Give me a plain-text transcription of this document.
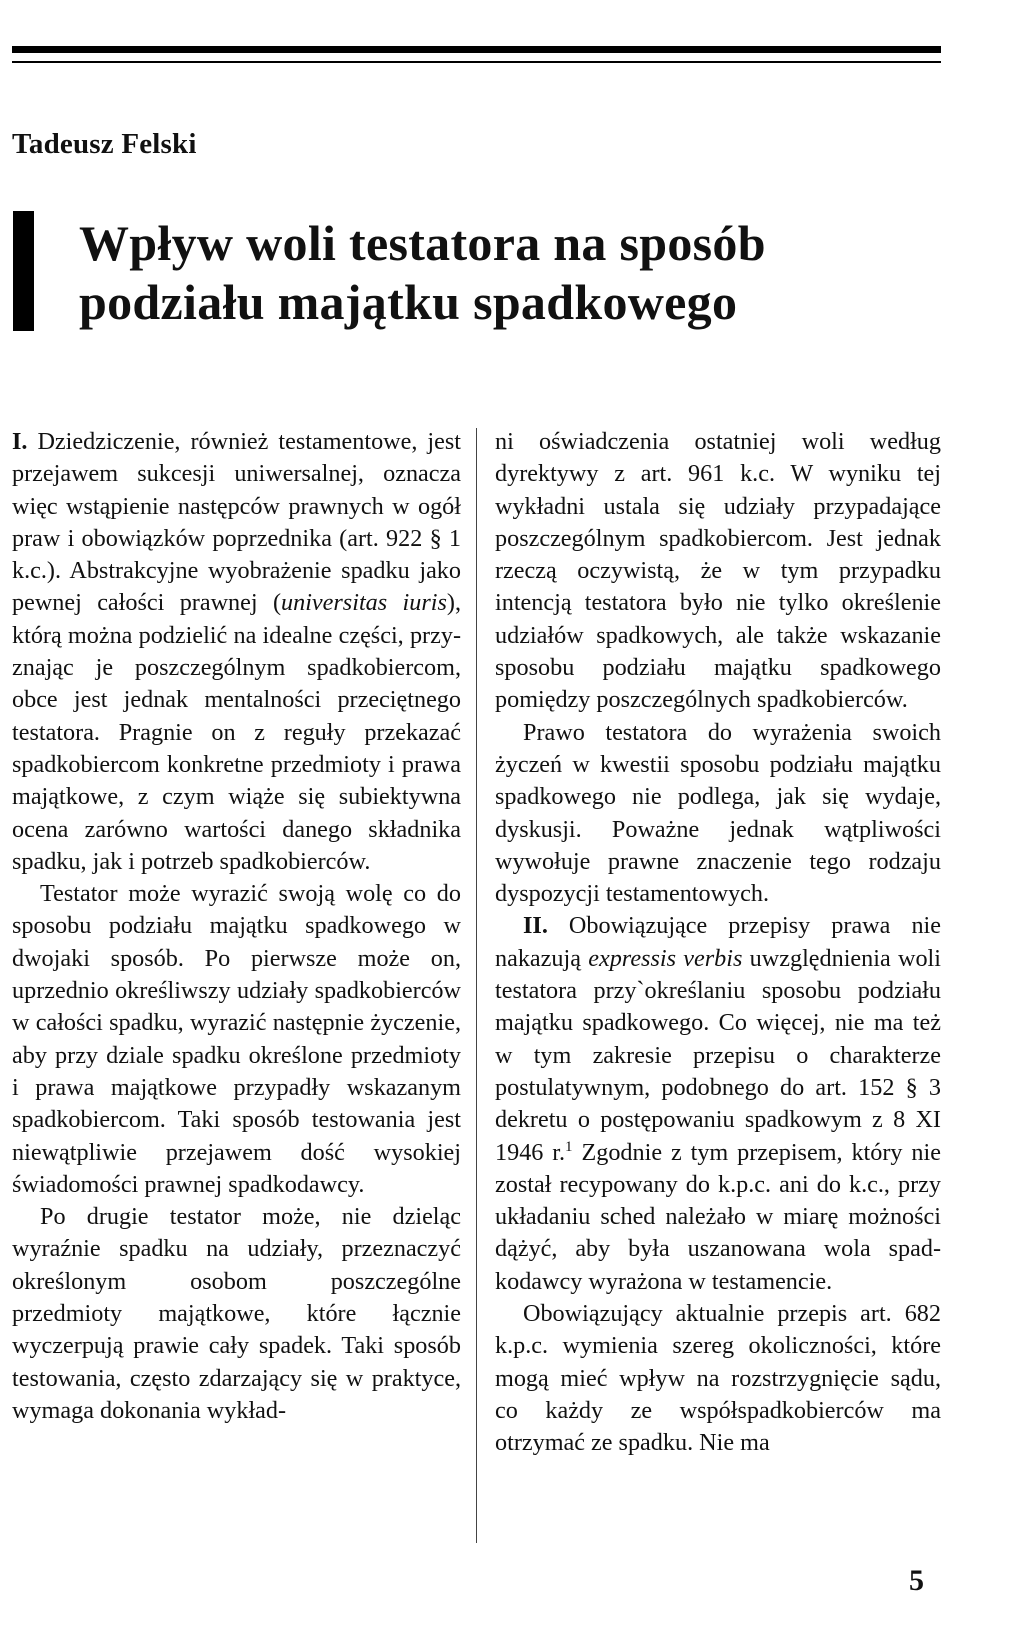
Tadeusz Felski
Wpływ woli testatora na sposób
podziału majątku spadkowego

I. Dziedziczenie, również testamentowe, jest przejawem sukcesji uniwersalnej, oznacza więc wstąpienie następców prawnych w ogół praw i obowiązków poprzednika (art. 922 § 1 k.c.). Abstrakcyjne wyobrażenie spadku jako pewnej całości prawnej (universitas iuris), którą można podzielić na idealne części, przyznając je poszczególnym spadkobiercom, obce jest jednak mentalności przeciętnego testatora. Pragnie on z reguły przekazać spadkobiercom konkretne przedmioty i prawa majątkowe, z czym wiąże się subiektywna ocena zarówno wartości danego składnika spadku, jak i potrzeb spadkobierców.

Testator może wyrazić swoją wolę co do sposobu podziału majątku spadkowego w dwojaki sposób. Po pierwsze może on, uprzednio określiwszy udziały spadkobierców w całości spadku, wyrazić następnie życzenie, aby przy dziale spadku określone przedmioty i prawa majątkowe przypadły wskazanym spadkobiercom. Taki sposób testowania jest niewątpliwie przejawem dość wysokiej świadomości prawnej spadkodawcy.

Po drugie testator może, nie dzieląc wyraźnie spadku na udziały, przeznaczyć określonym osobom poszczególne przedmioty majątkowe, które łącznie wyczerpują prawie cały spadek. Taki sposób testowania, często zdarzający się w praktyce, wymaga dokonania wykład-

ni oświadczenia ostatniej woli według dyrektywy z art. 961 k.c. W wyniku tej wykładni ustala się udziały przypadające poszczególnym spadkobiercom. Jest jednak rzeczą oczywistą, że w tym przypadku intencją testatora było nie tylko określenie udziałów spadkowych, ale także wskazanie sposobu podziału majątku spadkowego pomiędzy poszczególnych spadkobierców.

Prawo testatora do wyrażenia swoich życzeń w kwestii sposobu podziału majątku spadkowego nie podlega, jak się wydaje, dyskusji. Poważne jednak wątpliwości wywołuje prawne znaczenie tego rodzaju dyspozycji testamentowych.

II. Obowiązujące przepisy prawa nie nakazują expressis verbis uwzględnienia woli testatora przy`określaniu sposobu podziału majątku spadkowego. Co więcej, nie ma też w tym zakresie przepisu o charakterze postulatywnym, podobnego do art. 152 § 3 dekretu o postępowaniu spadkowym z 8 XI 1946 r.$^1$ Zgodnie z tym przepisem, który nie został recypowany do k.p.c. ani do k.c., przy układaniu sched należało w miarę możności dążyć, aby była uszanowana wola spadkodawcy wyrażona w testamencie.

Obowiązujący aktualnie przepis art. 682 k.p.c. wymienia szereg okoliczności, które mogą mieć wpływ na rozstrzygnięcie sądu, co każdy ze współspadkobierców ma otrzymać ze spadku. Nie ma

5
